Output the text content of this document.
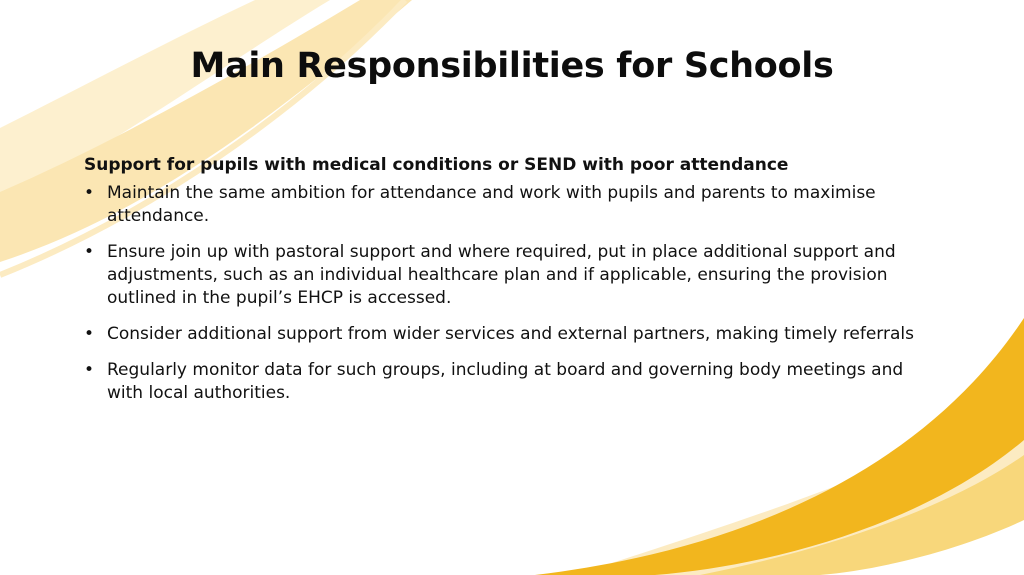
Main Responsibilities for Schools

Support for pupils with medical conditions or SEND with poor attendance

• Maintain the same ambition for attendance and work with pupils and parents to maximise attendance.
• Ensure join up with pastoral support and where required, put in place additional support and adjustments, such as an individual healthcare plan and if applicable, ensuring the provision outlined in the pupil’s EHCP is accessed.
• Consider additional support from wider services and external partners, making timely referrals
• Regularly monitor data for such groups, including at board and governing body meetings and with local authorities.
